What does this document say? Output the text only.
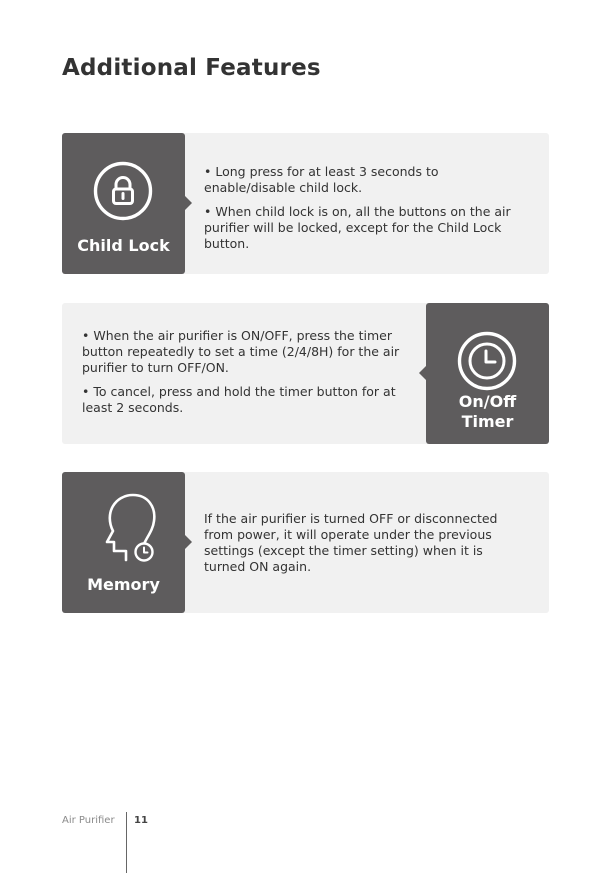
Additional Features
Child Lock

• Long press for at least 3 seconds to enable/disable child lock.

• When child lock is on, all the buttons on the air purifier will be locked, except for the Child Lock button.

• When the air purifier is ON/OFF, press the timer button repeatedly to set a time (2/4/8H) for the air purifier to turn OFF/ON.

• To cancel, press and hold the timer button for at least 2 seconds.	On/Off
Timer
Memory

If the air purifier is turned OFF or disconnected from power, it will operate under the previous settings (except the timer setting) when it is turned ON again.

Air Purifier 11
